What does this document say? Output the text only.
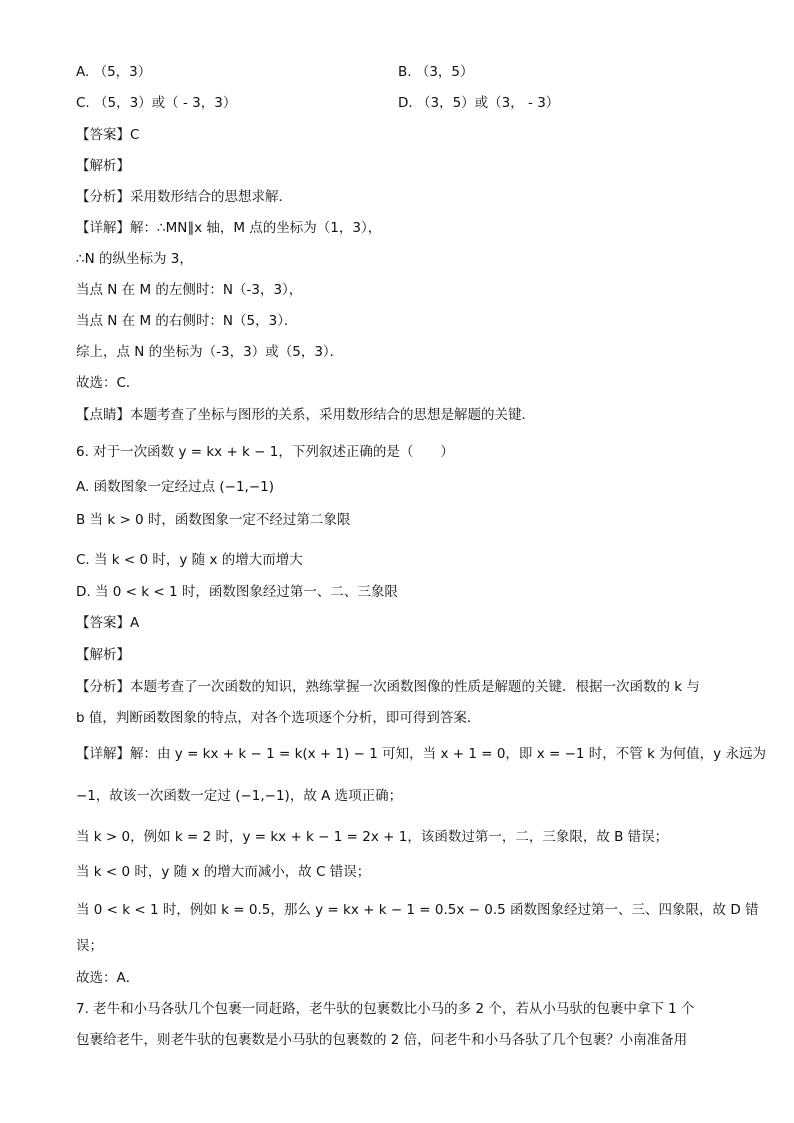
A. （5，3）	B. （3，5）
C. （5，3）或（ - 3，3）	D. （3，5）或（3， - 3）
【答案】C
【解析】
【分析】采用数形结合的思想求解．
【详解】解：∴MN∥x 轴，M 点的坐标为（1，3），
∴N 的纵坐标为 3，
当点 N 在 M 的左侧时：N（-3，3），
当点 N 在 M 的右侧时：N（5，3）．
综上，点 N 的坐标为（-3，3）或（5，3）．
故选：C．
【点睛】本题考查了坐标与图形的关系，采用数形结合的思想是解题的关键．
6. 对于一次函数 y = kx + k − 1，下列叙述正确的是（　　）
A. 函数图象一定经过点 (−1,−1)
B 当 k > 0 时，函数图象一定不经过第二象限
C. 当 k < 0 时，y 随 x 的增大而增大
D. 当 0 < k < 1 时，函数图象经过第一、二、三象限
【答案】A
【解析】
【分析】本题考查了一次函数的知识，熟练掌握一次函数图像的性质是解题的关键．根据一次函数的 k 与
b 值，判断函数图象的特点，对各个选项逐个分析，即可得到答案．
【详解】解：由 y = kx + k − 1 = k(x + 1) − 1 可知，当 x + 1 = 0，即 x = −1 时，不管 k 为何值，y 永远为
−1，故该一次函数一定过 (−1,−1)，故 A 选项正确；
当 k > 0，例如 k = 2 时，y = kx + k − 1 = 2x + 1，该函数过第一，二，三象限，故 B 错误；
当 k < 0 时，y 随 x 的增大而减小，故 C 错误；
当 0 < k < 1 时，例如 k = 0.5，那么 y = kx + k − 1 = 0.5x − 0.5 函数图象经过第一、三、四象限，故 D 错
误；
故选：A．
7. 老牛和小马各驮几个包裹一同赶路，老牛驮的包裹数比小马的多 2 个，若从小马驮的包裹中拿下 1 个
包裹给老牛，则老牛驮的包裹数是小马驮的包裹数的 2 倍，问老牛和小马各驮了几个包裹？小南准备用
